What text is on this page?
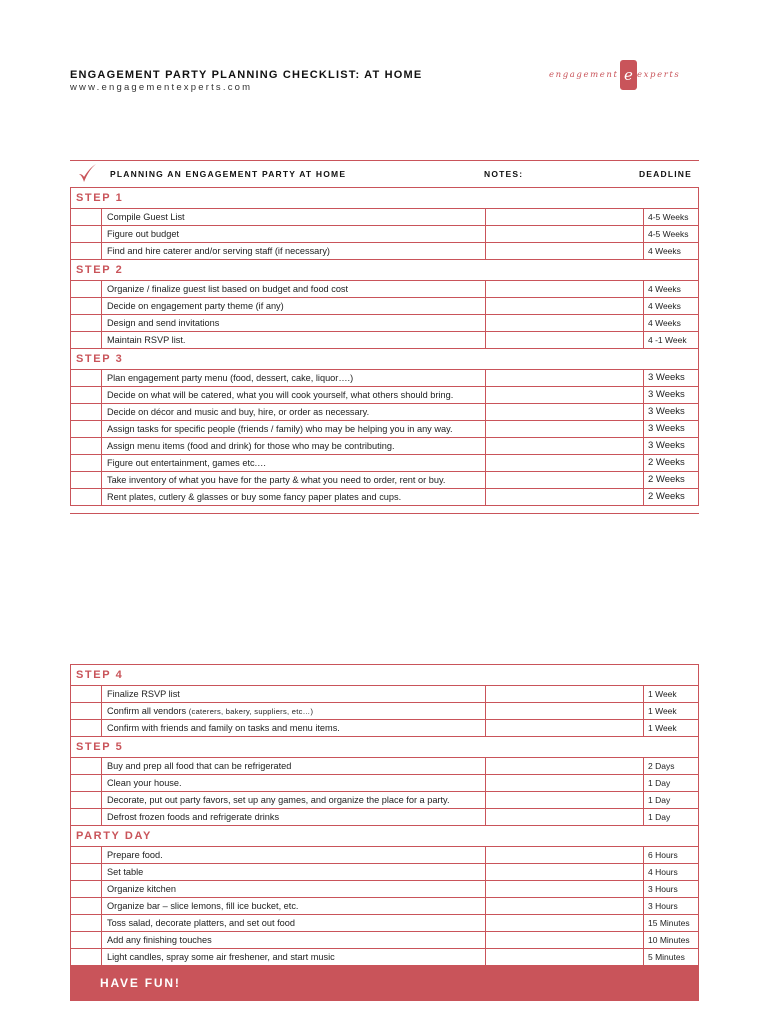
ENGAGEMENT PARTY PLANNING CHECKLIST: AT HOME
www.engagementexperts.com
engagement e experts
PLANNING AN ENGAGEMENT PARTY AT HOME	NOTES:	DEADLINE
STEP 1
Compile Guest List	4-5 Weeks
Figure out budget	4-5 Weeks
Find and hire caterer and/or serving staff (if necessary)	4 Weeks
STEP 2
Organize / finalize guest list based on budget and food cost	4 Weeks
Decide on engagement party theme (if any)	4 Weeks
Design and send invitations	4 Weeks
Maintain RSVP list.	4 -1 Week
STEP 3
Plan engagement party menu (food, dessert, cake, liquor….)	3 Weeks
Decide on what will be catered, what you will cook yourself, what others should bring.	3 Weeks
Decide on décor and music and buy, hire, or order as necessary.	3 Weeks
Assign tasks for specific people (friends / family) who may be helping you in any way.	3 Weeks
Assign menu items (food and drink) for those who may be contributing.	3 Weeks
Figure out entertainment, games etc.…	2 Weeks
Take inventory of what you have for the party & what you need to order, rent or buy.	2 Weeks
Rent plates, cutlery & glasses or buy some fancy paper plates and cups.	2 Weeks
STEP 4
Finalize RSVP list	1 Week
Confirm all vendors (caterers, bakery, suppliers, etc…)	1 Week
Confirm with friends and family on tasks and menu items.	1 Week
STEP 5
Buy and prep all food that can be refrigerated	2 Days
Clean your house.	1 Day
Decorate, put out party favors, set up any games, and organize the place for a party.	1 Day
Defrost frozen foods and refrigerate drinks	1 Day
PARTY DAY
Prepare food.	6 Hours
Set table	4 Hours
Organize kitchen	3 Hours
Organize bar – slice lemons, fill ice bucket, etc.	3 Hours
Toss salad, decorate platters, and set out food	15 Minutes
Add any finishing touches	10 Minutes
Light candles, spray some air freshener, and start music	5 Minutes
HAVE FUN!
